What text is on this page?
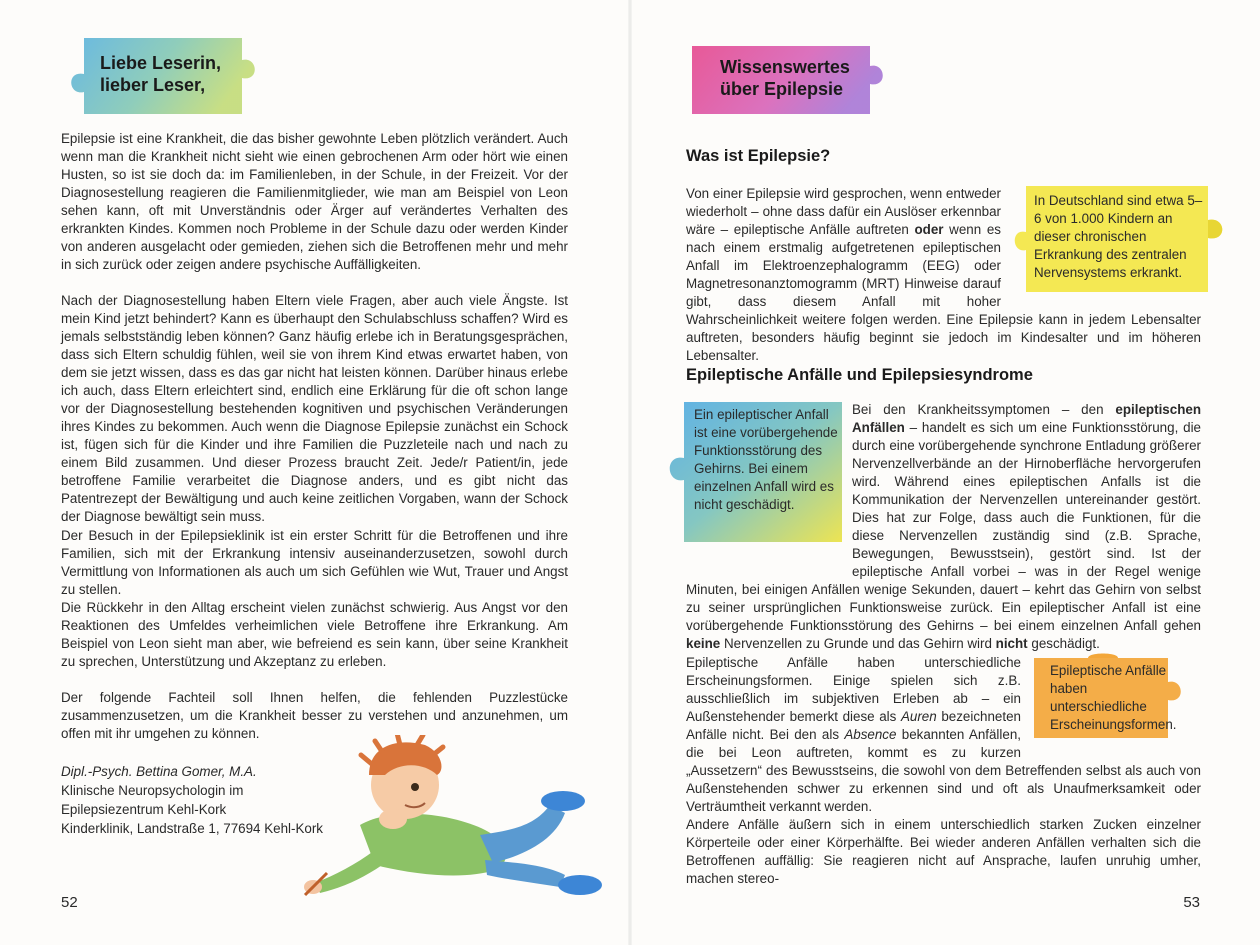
Liebe Leserin,
lieber Leser,

Epilepsie ist eine Krankheit, die das bisher gewohnte Leben plötzlich verändert. Auch wenn man die Krankheit nicht sieht wie einen gebrochenen Arm oder hört wie einen Husten, so ist sie doch da: im Familienleben, in der Schule, in der Freizeit. Vor der Diagnosestellung reagieren die Familienmitglieder, wie man am Beispiel von Leon sehen kann, oft mit Unverständnis oder Ärger auf verändertes Verhalten des erkrankten Kindes. Kommen noch Probleme in der Schule dazu oder werden Kinder von anderen ausgelacht oder gemieden, ziehen sich die Betroffenen mehr und mehr in sich zurück oder zeigen andere psychische Auffälligkeiten.

Nach der Diagnosestellung haben Eltern viele Fragen, aber auch viele Ängste. Ist mein Kind jetzt behindert? Kann es überhaupt den Schulabschluss schaffen? Wird es jemals selbstständig leben können? Ganz häufig erlebe ich in Beratungsgesprächen, dass sich Eltern schuldig fühlen, weil sie von ihrem Kind etwas erwartet haben, von dem sie jetzt wissen, dass es das gar nicht hat leisten können. Darüber hinaus erlebe ich auch, dass Eltern erleichtert sind, endlich eine Erklärung für die oft schon lange vor der Diagnosestellung bestehenden kognitiven und psychischen Veränderungen ihres Kindes zu bekommen. Auch wenn die Diagnose Epilepsie zunächst ein Schock ist, fügen sich für die Kinder und ihre Familien die Puzzleteile nach und nach zu einem Bild zusammen. Und dieser Prozess braucht Zeit. Jede/r Patient/in, jede betroffene Familie verarbeitet die Diagnose anders, und es gibt nicht das Patentrezept der Bewältigung und auch keine zeitlichen Vorgaben, wann der Schock der Diagnose bewältigt sein muss.

Der Besuch in der Epilepsieklinik ist ein erster Schritt für die Betroffenen und ihre Familien, sich mit der Erkrankung intensiv auseinanderzusetzen, sowohl durch Vermittlung von Informationen als auch um sich Gefühlen wie Wut, Trauer und Angst zu stellen.

Die Rückkehr in den Alltag erscheint vielen zunächst schwierig. Aus Angst vor den Reaktionen des Umfeldes verheimlichen viele Betroffene ihre Erkrankung. Am Beispiel von Leon sieht man aber, wie befreiend es sein kann, über seine Krankheit zu sprechen, Unterstützung und Akzeptanz zu erleben.

Der folgende Fachteil soll Ihnen helfen, die fehlenden Puzzlestücke zusammenzusetzen, um die Krankheit besser zu verstehen und anzunehmen, um offen mit ihr umgehen zu können.

Dipl.-Psych. Bettina Gomer, M.A.
Klinische Neuropsychologin im
Epilepsiezentrum Kehl-Kork
Kinderklinik, Landstraße 1, 77694 Kehl-Kork
52
Wissenswertes
über Epilepsie
Was ist Epilepsie?
In Deutschland sind etwa 5–6 von 1.000 Kindern an dieser chronischen Erkrankung des zentralen Nervensystems erkrankt.

Von einer Epilepsie wird gesprochen, wenn entweder wiederholt – ohne dass dafür ein Auslöser erkennbar wäre – epileptische Anfälle auftreten oder wenn es nach einem erstmalig aufgetretenen epileptischen Anfall im Elektroenzephalogramm (EEG) oder Magnetresonanztomogramm (MRT) Hinweise darauf gibt, dass diesem Anfall mit hoher Wahrscheinlichkeit weitere folgen werden. Eine Epilepsie kann in jedem Lebensalter auftreten, besonders häufig beginnt sie jedoch im Kindesalter und im höheren Lebensalter.

Epileptische Anfälle und Epilepsiesyndrome
Ein epileptischer Anfall ist eine vorübergehende Funktionsstörung des Gehirns. Bei einem einzelnen Anfall wird es nicht geschädigt.

Bei den Krankheitssymptomen – den epileptischen Anfällen – handelt es sich um eine Funktionsstörung, die durch eine vorübergehende synchrone Entladung größerer Nervenzellverbände an der Hirnoberfläche hervorgerufen wird. Während eines epileptischen Anfalls ist die Kommunikation der Nervenzellen untereinander gestört. Dies hat zur Folge, dass auch die Funktionen, für die diese Nervenzellen zuständig sind (z.B. Sprache, Bewegungen, Bewusstsein), gestört sind. Ist der epileptische Anfall vorbei – was in der Regel wenige Minuten, bei einigen Anfällen wenige Sekunden, dauert – kehrt das Gehirn von selbst zu seiner ursprünglichen Funktionsweise zurück. Ein epileptischer Anfall ist eine vorübergehende Funktionsstörung des Gehirns – bei einem einzelnen Anfall gehen keine Nervenzellen zu Grunde und das Gehirn wird nicht geschädigt.

Epileptische Anfälle haben unterschiedliche Erscheinungsformen.

Epileptische Anfälle haben unterschiedliche Erscheinungsformen. Einige spielen sich z.B. ausschließlich im subjektiven Erleben ab – ein Außenstehender bemerkt diese als Auren bezeichneten Anfälle nicht. Bei den als Absence bekannten Anfällen, die bei Leon auftreten, kommt es zu kurzen „Aussetzern“ des Bewusstseins, die sowohl von dem Betreffenden selbst als auch von Außenstehenden schwer zu erkennen sind und oft als Unaufmerksamkeit oder Verträumtheit verkannt werden.

Andere Anfälle äußern sich in einem unterschiedlich starken Zucken einzelner Körperteile oder einer Körperhälfte. Bei wieder anderen Anfällen verhalten sich die Betroffenen auffällig: Sie reagieren nicht auf Ansprache, laufen unruhig umher, machen stereo-

53
